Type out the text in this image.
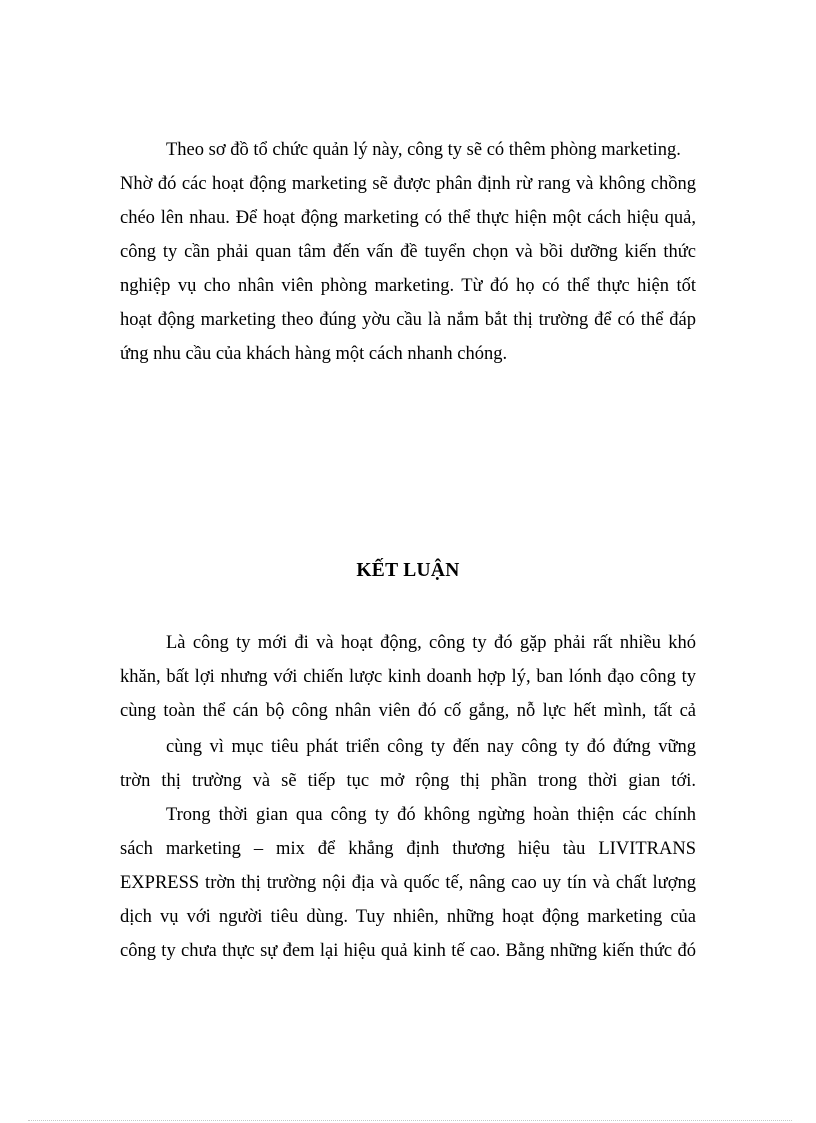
Theo sơ đồ tổ chức quản lý này, công ty sẽ có thêm phòng marketing.

Nhờ đó các hoạt động marketing sẽ được phân định rừ rang và không chồng

chéo lên nhau. Để hoạt động marketing có thể thực hiện một cách hiệu quả,

công ty cần phải quan tâm đến vấn đề tuyển chọn và bồi dưỡng kiến thức

nghiệp vụ cho nhân viên phòng marketing. Từ đó họ có thể thực hiện tốt

hoạt động marketing theo đúng yờu cầu là nắm bắt thị trường để có thể đáp

ứng nhu cầu của khách hàng một cách nhanh chóng.

KẾT LUẬN

Là công ty mới đi và hoạt động, công ty đó gặp phải rất nhiều khó

khăn, bất lợi nhưng với chiến lược kinh doanh hợp lý, ban lónh đạo công ty

cùng toàn thể cán bộ công nhân viên đó cố gắng, nỗ lực hết mình, tất cả

cùng vì mục tiêu phát triển công ty đến nay công ty đó đứng vững

trờn thị trường và sẽ tiếp tục mở rộng thị phần trong thời gian tới.

Trong thời gian qua công ty đó không ngừng hoàn thiện các chính

sách marketing – mix để khẳng định thương hiệu tàu LIVITRANS

EXPRESS trờn thị trường nội địa và quốc tế, nâng cao uy tín và chất lượng

dịch vụ với người tiêu dùng. Tuy nhiên, những hoạt động marketing của

công ty chưa thực sự đem lại hiệu quả kinh tế cao. Bằng những kiến thức đó
